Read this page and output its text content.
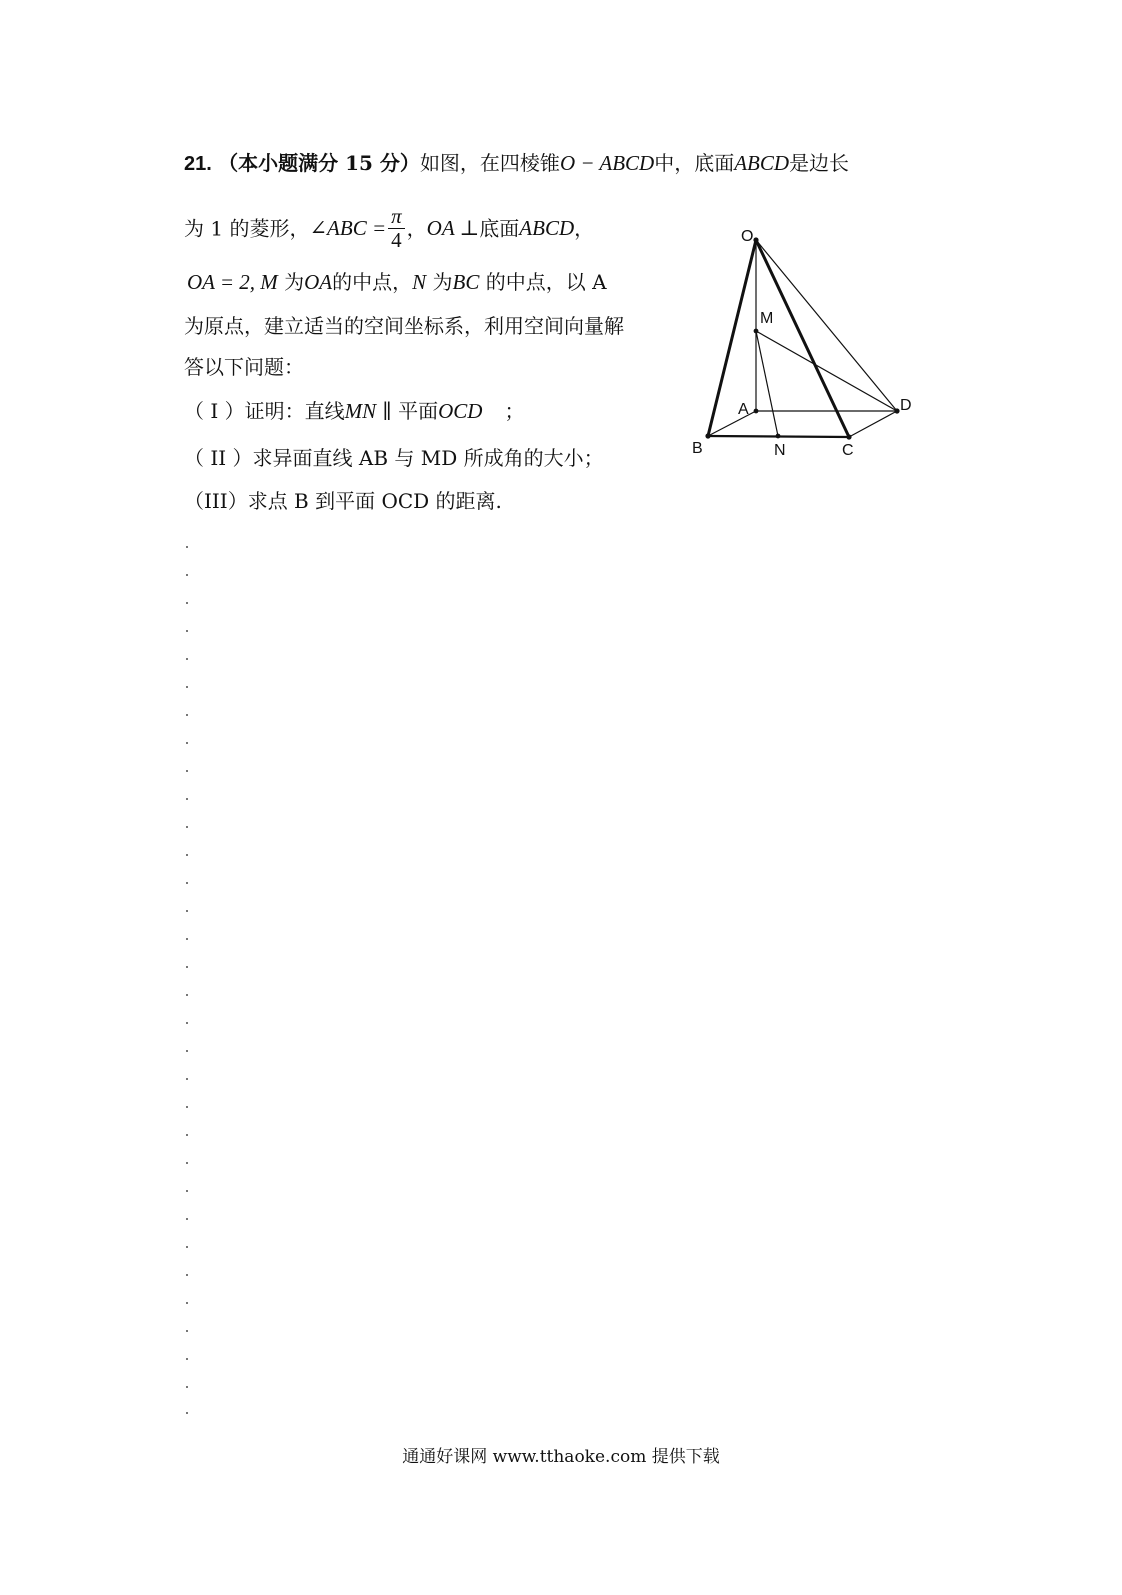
21. （本小题满分 15 分）如图，在四棱锥O − ABCD中，底面ABCD是边长
为 1 的菱形，∠ABC = $\frac{\pi}{4}$ ，OA ⊥底面ABCD，
OA = 2, M 为OA的中点，N 为BC 的中点，以 A
为原点，建立适当的空间坐标系，利用空间向量解
答以下问题：
（ I ）证明：直线MN ∥ 平面OCD ；
（ II ）求异面直线 AB 与 MD 所成角的大小；
（III）求点 B 到平面 OCD 的距离.
O
M
A	D
B	N	C
通通好课网 www.tthaoke.com 提供下载
